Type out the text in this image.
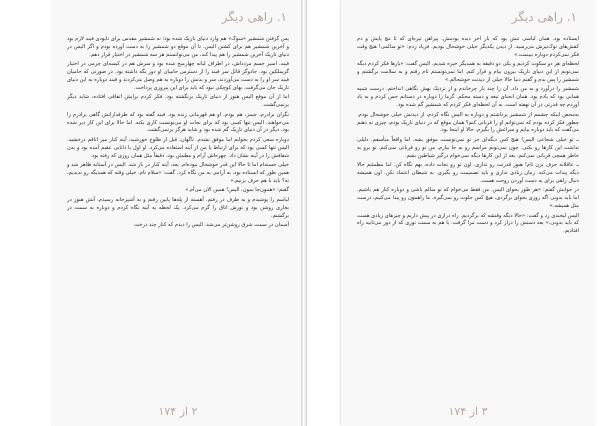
۱. راهی دیگر

پس گرفتن شمشیر «سوگ» هم وارد دنیای تاریک شده بود؛ نه شمشیر مقدس برای نابودی فیند لازم بود و آخرین شمشیر هم برای کشتن الیس. تا آن موقع دو شمشیر را به دست آورده بودم و اگر الیس در دنیای تاریک آخرین شمشیر را هم پیدا کند، من می‌توانستم هر سه شمشیر در اختیار قرار دهم.

فیند، اسیر جسم مردداش، در اطراف لبانه چهارمیخ شده بود و سرش هم در کیسه‌ای چرمی در اختیار گریملکین بود. جادوگر قاتل سر فیند را از دسترس حامیان او دور نگه داشته بود. در صورتی که حامیان فیند سر او را به دست می‌آوردند، سر و بدنش را دوباره به هم وصل می‌کردند و فیند دوباره به این دنیای تاریک جان می‌گرفت. بهای کوچکی نبود که باید برای این پیروزی پرداخت.

اما از آن موقع الیس هنوز از دنیای تاریک برنگشته بود. فکر کردم برایش اتفاقی افتاده، شاید دیگر برنمی‌گشت.

نگران برادرم، جیمز، هم بودم. او هم قهرمانی زنده بود. فیند گفته بود که طرفدارانش گاهی برادرم را می‌خواهند. الیس تنها کسی بود که برای نجات او می‌تونست کاری بکنه. اما حالا برای این کار دیر شده بود. دیگر در آن دنیای تاریک گم شده بود و شاید هرگز برنمی‌گشت.

دوباره سعی کردم بخوابم اما موفق نشدم. ناگهان، قبل از طلوع خورشید، آینه کنار میز اتاقم درخشید. الیس تنها کسی بود که برای ارتباط با من از آینه استفاده می‌کرد. او اول با دانایی عقبم آمده بود و بدن شفافش را در آینه نشان داد. چهره‌اش آرام و مطمئن بود، دقیقاً مثل همان روزی که رفته بود.

خیلی خسته‌ام اما تا حالا این قدر خوشحال نبوده‌ام. بعد، آینه کنار در باز شد. الیس در آستانه ظاهر شد و همین طور که ایستاده بود، به آرامی به من نگاه کرد. گفت: «سلام تام. خیلی وقته که همدیگه رو ندیدیم، نه؟ باید با هم حرف بزنیم.»

گفتم: «همون‌جا بمون، الیس! همین الان می‌آم.»

لباسم را پوشیدم و به طرف در رفتم. آهسته از پله‌ها پایین رفتم و به آشپزخانه رسیدم. آتش هنوز در بخاری روشن بود و نورش اتاق را گرم می‌کرد. یک لحظه به آینه نگاه کردم و دوباره به سمت در برگشتم.

آسمان در سمت شرق روشن‌تر می‌شد. الیس را دیدم که کنار چند درخت

۲ از ۱۷۴
۱. راهی دیگر

ایستاده بود. همان لباسی تنش بود که بار آخر دیده بودمش. پیراهن تیره‌ای که تا مچ پایش و دم کفش‌های نوک‌تیزش می‌رسید. از دیدن یکدیگر خیلی خوشحال بودیم. فریاد زدم: «تو سالمی! هیچ وقت فکر نمی‌کردم دوباره ببینمت.»

لحظه‌ای هر دو سکوت کردیم و یکی دو دقیقه به همدیگر خیره شدیم. الیس گفت: «بارها فکر کردم دیگه نمی‌تونم از این دنیای تاریک بیرون بیام و فرار کنم. اما نمی‌تونستم تام رفتم و به سلامت برگشتم و شمشیر را پس بدم و گفتم دنیا حالا خیلی از دیدنت خوشحالم.»

شمشیر را درآورد و به من داد. آن را چند بار چرخاندم و از نزدیک بهش نگاهی انداختم. درست شبیه همانی بود که یادم بود. همان انحنای تیغه و دسته محکم. گرما را دوباره در دستانم حس کردم و به یاد آوردم چه قدرتی در آن نهفته است. به آن لحظه‌ای فکر کردم که شمشیر گم شده بود.

به‌محض اینکه چشمم از شمشیر برداشتم و دوباره به الیس نگاه کردم، از دیدنش خیلی خوشحال بودم. چطور فکر کرده بودم که نمی‌توانم او را قربانی کنم؟ همان موقع که در دنیای تاریک بودم، چیزی ته ذهنم می‌گفت که باید دوباره بیایم و سراغش را بگیرم. حالا او اینجا بود.

ــ تو خیلی شجاعی الیس! هیچ کس دیگه‌ای جز تو نمی‌تونست موفق بشه. اما واقعاً متأسفم. دلیلی نداشت این کارها رو بکنی. چون نمی‌تونم مراسم رو به جا بیارم، من تو رو قربانی نمی‌کنم. تو برو به خاطر همچی قربانی نمی‌کنم. بعد از این کارها دیگه نمی‌خوام درگیر شیاطین بشم.

ــ عاقلانه حرف بزن تام! هنوز قدرتت رو نداری. اون تو رو نجات داده، بهم نگاه کن. اما مطمئنم حالا دیگه پیدات می‌کنه. زمان زیادی نداری و باید تصمیمت رو بگیری. به شیطان اعتماد نکن. اون همیشه دنبال راهی برای به دست آوردن روحت هست.

در جوابش گفتم: «هر طور بخوای الیس. من فقط می‌خوام که تو سالم باشی و دوباره کنار هم باشیم. اما باید بدونی اگه روزی بخوای برگردی، هیچ کس جلوت رو نمی‌گیره. ما راهمون رو پیدا می‌کنیم، درست مثل همیشه.»

الیس لبخندی زد و گفت: «حالا دیگه وقتشه که برگردیم. راه درازی در پیش داریم و چیزهای زیادی هست که باید بدونی.» بعد دستش را دراز کرد و دست مرا گرفت. با هم به سمت نوری که از دور می‌تابید راه افتادیم.

۳ از ۱۷۴
